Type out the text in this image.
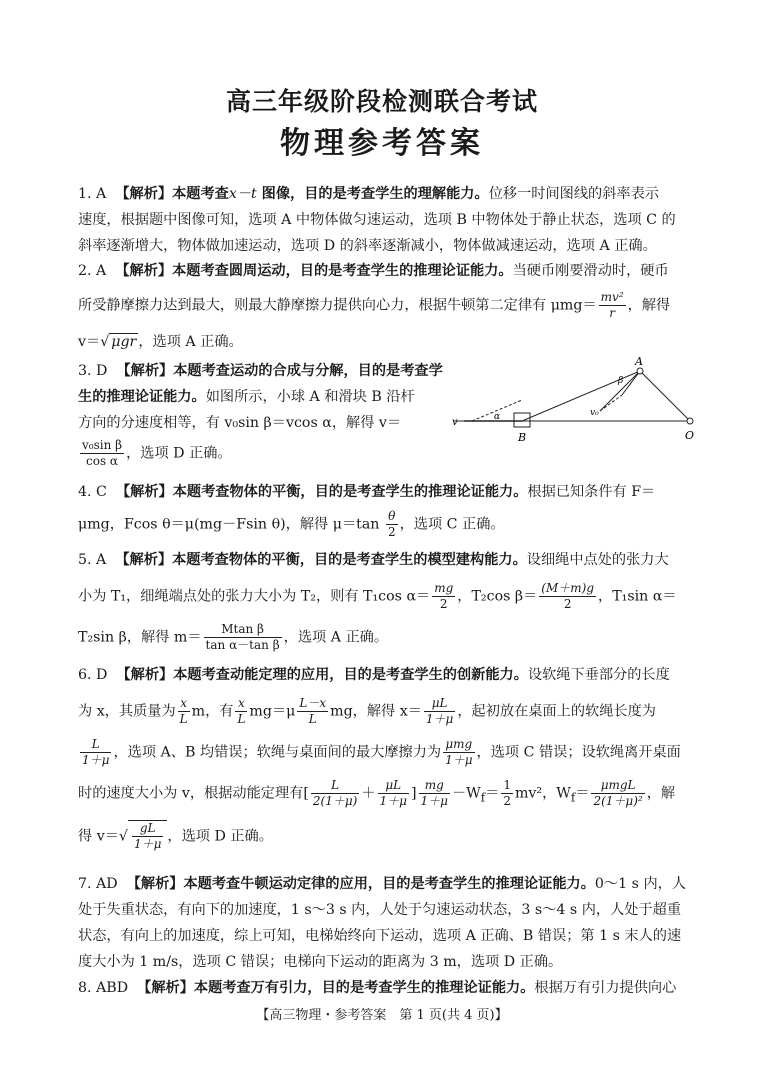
高三年级阶段检测联合考试
物理参考答案
1. A 【解析】本题考查x－t 图像，目的是考查学生的理解能力。位移一时间图线的斜率表示
速度，根据题中图像可知，选项 A 中物体做匀速运动，选项 B 中物体处于静止状态，选项 C 的
斜率逐渐增大，物体做加速运动，选项 D 的斜率逐渐减小，物体做减速运动，选项 A 正确。
2. A 【解析】本题考查圆周运动，目的是考查学生的推理论证能力。当硬币刚要滑动时，硬币
所受静摩擦力达到最大，则最大静摩擦力提供向心力，根据牛顿第二定律有 $\mu mg= \frac{\text{mv²}}{r}$ ，解得
v＝√ μgr ，选项 A 正确。
3. D 【解析】本题考查运动的合成与分解，目的是考查学
生的推理论证能力。如图所示，小球 A 和滑块 B 沿杆
方向的分速度相等，有 v₀sin β＝vcos α，解得 v＝
$\frac{\text{v₀sin β}}{\text{cos α}}$ ，选项 D 正确。
A
B	O
v
v₀
α
β
4. C 【解析】本题考查物体的平衡，目的是考查学生的推理论证能力。根据已知条件有 F＝
μmg，Fcos θ＝μ(mg－Fsin θ)，解得 $\mu=\tan \frac{\theta}{2}$ ，选项 C 正确。
5. A 【解析】本题考查物体的平衡，目的是考查学生的模型建构能力。设细绳中点处的张力大
小为 T₁，细绳端点处的张力大小为 T₂，则有 T₁cos $\alpha= \frac{mg}{2}$ ，T₂cos $\beta= \frac{(M+m)g}{2}$ ，T₁sin α＝
T₂sin β，解得 $m= \frac{\text{Mtan β}}{\text{tan α－tan β}}$ ，选项 A 正确。
6. D 【解析】本题考查动能定理的应用，目的是考查学生的创新能力。设软绳下垂部分的长度
为 x，其质量为 $\frac{x}{L}$ m，有 $\frac{x}{L} mg=\mu \frac{L-x}{L}$ mg，解得 $x= \frac{\mu L}{1+\mu}$ ，起初放在桌面上的软绳长度为
$\frac{L}{1+\mu}$ ，选项 A、B 均错误；软绳与桌面间的最大摩擦力为 $\frac{\text{μmg}}{1+\mu}$ ，选项 C 错误；设软绳离开桌面
时的速度大小为 v，根据动能定理有[ $\frac{L}{2(1+\mu)} + \frac{\mu L}{1+\mu}$ ] $\frac{mg}{1+\mu} -W_f= \frac{1}{2} mv^2$，$W_f= \frac{\text{μmgL}}{\text{2(1＋μ)²}}$ ，解
得 $v=√ \frac{gL}{1+\mu}$ ，选项 D 正确。
7. AD 【解析】本题考查牛顿运动定律的应用，目的是考查学生的推理论证能力。0～1 s 内，人
处于失重状态，有向下的加速度，1 s～3 s 内，人处于匀速运动状态，3 s～4 s 内，人处于超重
状态，有向上的加速度，综上可知，电梯始终向下运动，选项 A 正确、B 错误；第 1 s 末人的速
度大小为 1 m/s，选项 C 错误；电梯向下运动的距离为 3 m，选项 D 正确。
8. ABD 【解析】本题考查万有引力，目的是考查学生的推理论证能力。根据万有引力提供向心
【高三物理・参考答案　第 1 页(共 4 页)】
